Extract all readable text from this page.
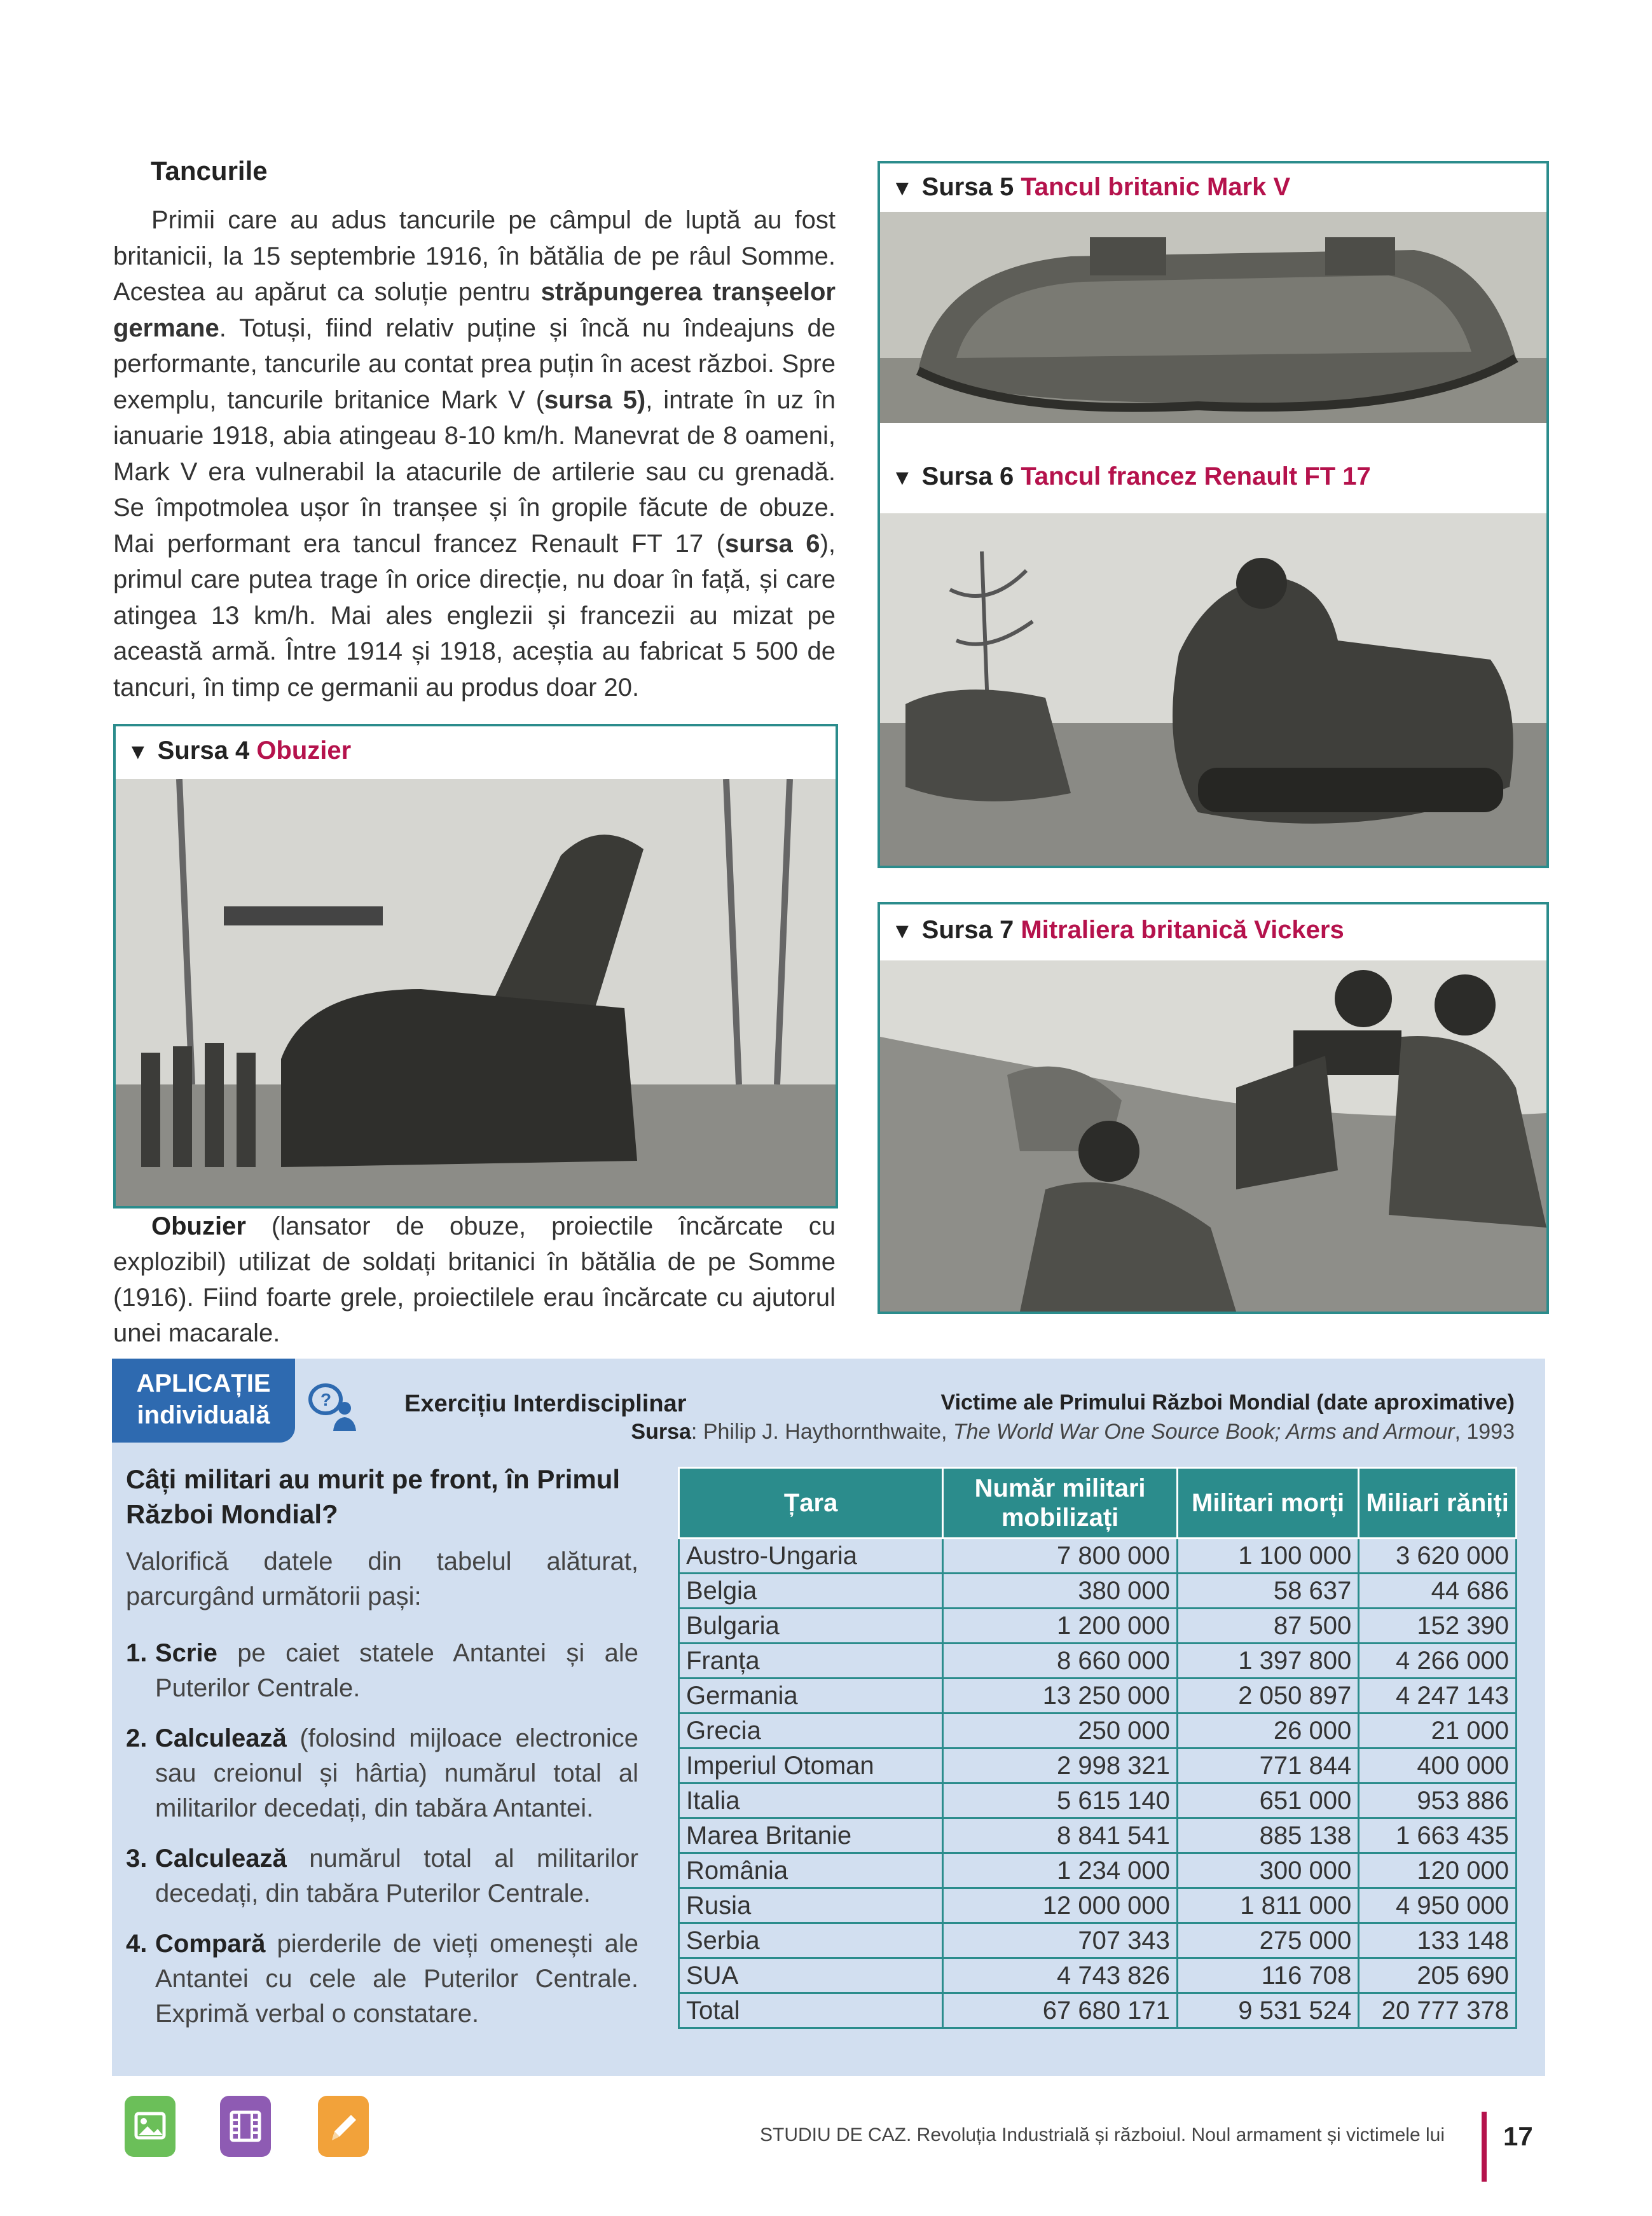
Tancurile

Primii care au adus tancurile pe câmpul de luptă au fost britanicii, la 15 septembrie 1916, în bătălia de pe râul Somme. Acestea au apărut ca soluție pentru străpungerea tranșeelor germane. Totuși, fiind relativ puține și încă nu îndeajuns de performante, tancurile au contat prea puțin în acest război. Spre exemplu, tancurile britanice Mark V (sursa 5), intrate în uz în ianuarie 1918, abia atingeau 8-10 km/h. Manevrat de 8 oameni, Mark V era vulnerabil la atacurile de artilerie sau cu grenadă. Se împotmolea ușor în tranșee și în gropile făcute de obuze. Mai performant era tancul francez Renault FT 17 (sursa 6), primul care putea trage în orice direcție, nu doar în față, și care atingea 13 km/h. Mai ales englezii și francezii au mizat pe această armă. Între 1914 și 1918, aceștia au fabricat 5 500 de tancuri, în timp ce germanii au produs doar 20.

▼ Sursa 5 Tancul britanic Mark V
▼ Sursa 6 Tancul francez Renault FT 17
▼ Sursa 4 Obuzier

Obuzier (lansator de obuze, proiectile încărcate cu explozibil) utilizat de soldați britanici în bătălia de pe Somme (1916). Fiind foarte grele, proiectilele erau încărcate cu ajutorul unei macarale.

▼ Sursa 7 Mitraliera britanică Vickers
APLICAȚIE
individuală
?	Exercițiu Interdisciplinar
Câți militari au murit pe front, în Primul Război Mondial?
Valorifică datele din tabelul alăturat, parcurgând următorii pași:
1. Scrie pe caiet statele Antantei și ale Puterilor Centrale.
2. Calculează (folosind mijloace electronice sau creionul și hârtia) numărul total al militarilor decedați, din tabăra Antantei.
3. Calculează numărul total al militarilor decedați, din tabăra Puterilor Centrale.
4. Compară pierderile de vieți omenești ale Antantei cu cele ale Puterilor Centrale. Exprimă verbal o constatare.
Victime ale Primului Război Mondial (date aproximative)
Sursa: Philip J. Haythornthwaite, The World War One Source Book; Arms and Armour, 1993
Țara	Număr militari mobilizați	Militari morți	Miliari răniți
Austro-Ungaria	7 800 000	1 100 000	3 620 000
Belgia	380 000	58 637	44 686
Bulgaria	1 200 000	87 500	152 390
Franța	8 660 000	1 397 800	4 266 000
Germania	13 250 000	2 050 897	4 247 143
Grecia	250 000	26 000	21 000
Imperiul Otoman	2 998 321	771 844	400 000
Italia	5 615 140	651 000	953 886
Marea Britanie	8 841 541	885 138	1 663 435
România	1 234 000	300 000	120 000
Rusia	12 000 000	1 811 000	4 950 000
Serbia	707 343	275 000	133 148
SUA	4 743 826	116 708	205 690
Total	67 680 171	9 531 524	20 777 378
STUDIU DE CAZ. Revoluția Industrială și războiul. Noul armament și victimele lui 17
